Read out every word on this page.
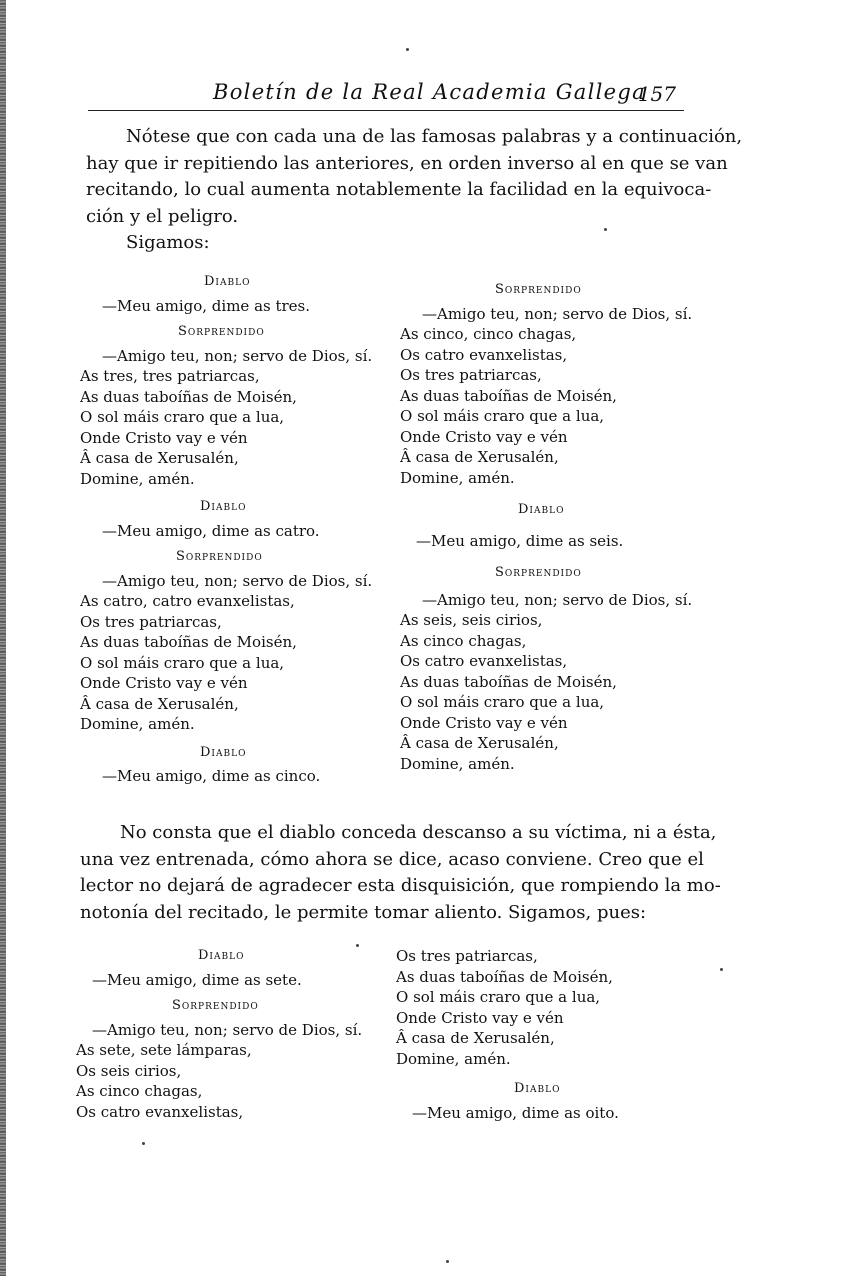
Boletín de la Real Academia Gallega
157
Nótese que con cada una de las famosas palabras y a continuación,
hay que ir repitiendo las anteriores, en orden inverso al en que se van
recitando, lo cual aumenta notablemente la facilidad en la equivoca-
ción y el peligro.
Sigamos:
Diablo
—Meu amigo, dime as tres.
Sorprendido
—Amigo teu, non; servo de Dios, sí.
As tres, tres patriarcas,
As duas taboíñas de Moisén,
O sol máis craro que a lua,
Onde Cristo vay e vén
Â casa de Xerusalén,
Domine, amén.
Diablo
—Meu amigo, dime as catro.
Sorprendido
—Amigo teu, non; servo de Dios, sí.
As catro, catro evanxelistas,
Os tres patriarcas,
As duas taboíñas de Moisén,
O sol máis craro que a lua,
Onde Cristo vay e vén
Â casa de Xerusalén,
Domine, amén.
Diablo
—Meu amigo, dime as cinco.
Sorprendido
—Amigo teu, non; servo de Dios, sí.
As cinco, cinco chagas,
Os catro evanxelistas,
Os tres patriarcas,
As duas taboíñas de Moisén,
O sol máis craro que a lua,
Onde Cristo vay e vén
Â casa de Xerusalén,
Domine, amén.
Diablo
—Meu amigo, dime as seis.
Sorprendido
—Amigo teu, non; servo de Dios, sí.
As seis, seis cirios,
As cinco chagas,
Os catro evanxelistas,
As duas taboíñas de Moisén,
O sol máis craro que a lua,
Onde Cristo vay e vén
Â casa de Xerusalén,
Domine, amén.
No consta que el diablo conceda descanso a su víctima, ni a ésta,
una vez entrenada, cómo ahora se dice, acaso conviene. Creo que el
lector no dejará de agradecer esta disquisición, que rompiendo la mo-
notonía del recitado, le permite tomar aliento. Sigamos, pues:
Diablo
—Meu amigo, dime as sete.
Sorprendido
—Amigo teu, non; servo de Dios, sí.
As sete, sete lámparas,
Os seis cirios,
As cinco chagas,
Os catro evanxelistas,
Os tres patriarcas,
As duas taboíñas de Moisén,
O sol máis craro que a lua,
Onde Cristo vay e vén
Â casa de Xerusalén,
Domine, amén.
Diablo
—Meu amigo, dime as oito.
